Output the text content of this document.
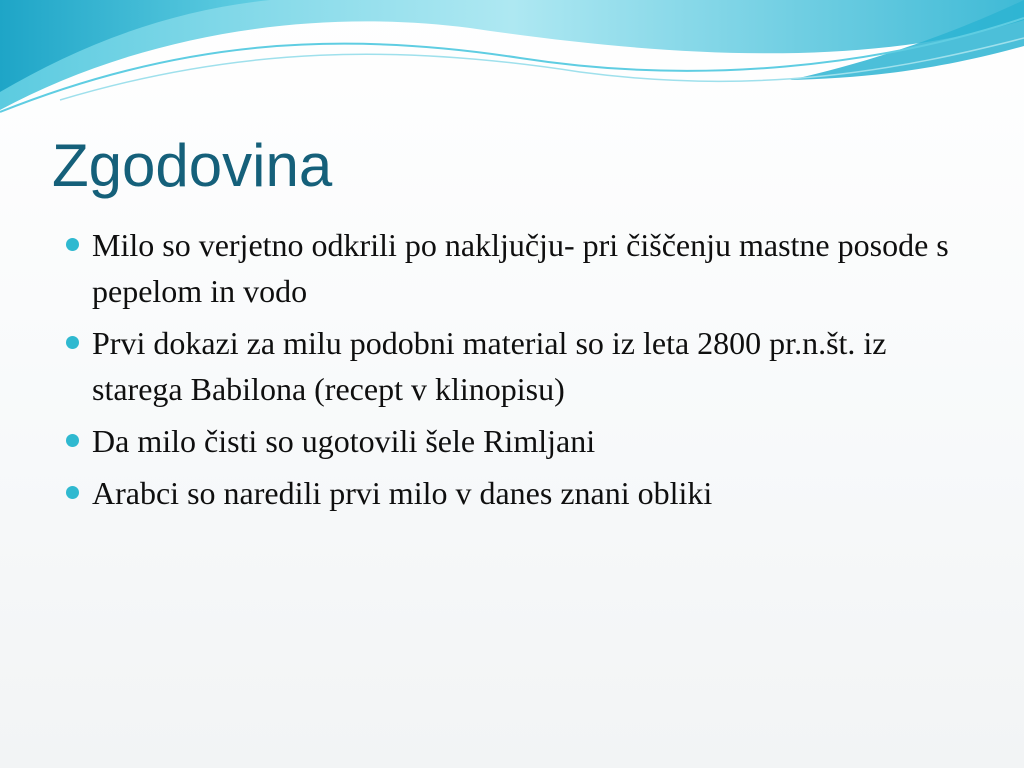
Zgodovina
Milo so verjetno odkrili po naključju- pri čiščenju mastne posode s pepelom in vodo
Prvi dokazi za milu podobni material so iz leta 2800 pr.n.št. iz starega Babilona (recept v klinopisu)
Da milo čisti so ugotovili šele Rimljani
Arabci so naredili prvi milo v danes znani obliki
